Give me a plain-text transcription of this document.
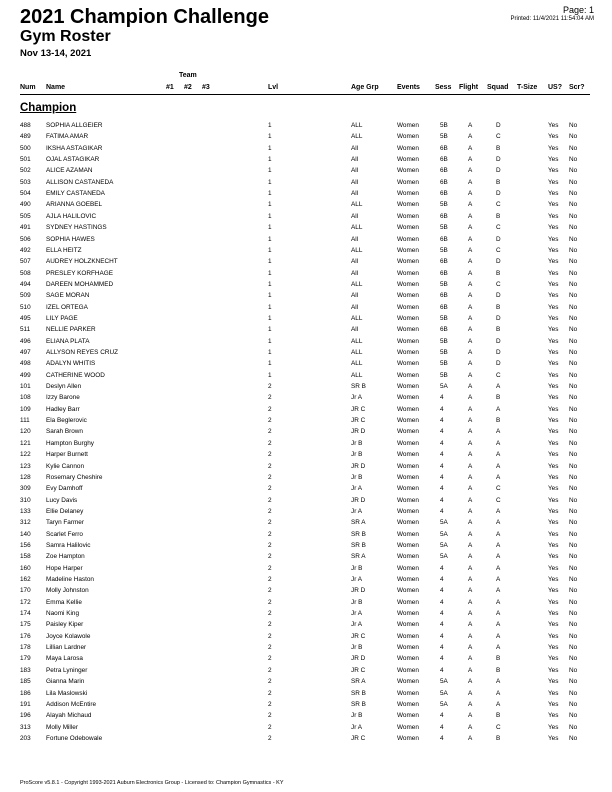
2021 Champion Challenge
Gym Roster
Nov 13-14, 2021
Page: 1
Printed: 11/4/2021 11:54:04 AM
Team
Num Name	#1 #2 #3	Lvl	Age Grp	Events Sess Flight Squad T-Size US? Scr?
Champion
488 SOPHIA ALLGEIER	1	ALL	Women	5B	A	D	Yes No
489 FATIMA AMAR	1	ALL	Women	5B	A	C	Yes No
500 IKSHA ASTAGIKAR	1	All	Women	6B	A	B	Yes No
501 OJAL ASTAGIKAR	1	All	Women	6B	A	D	Yes No
502 ALICE AZAMAN	1	All	Women	6B	A	D	Yes No
503 ALLISON CASTANEDA	1	All	Women	6B	A	B	Yes No
504 EMILY CASTANEDA	1	All	Women	6B	A	D	Yes No
490 ARIANNA GOEBEL	1	ALL	Women	5B	A	C	Yes No
505 AJLA HALILOVIC	1	All	Women	6B	A	B	Yes No
491 SYDNEY HASTINGS	1	ALL	Women	5B	A	C	Yes No
506 SOPHIA HAWES	1	All	Women	6B	A	D	Yes No
492 ELLA HEITZ	1	ALL	Women	5B	A	C	Yes No
507 AUDREY HOLZKNECHT	1	All	Women	6B	A	D	Yes No
508 PRESLEY KORFHAGE	1	All	Women	6B	A	B	Yes No
494 DAREEN MOHAMMED	1	ALL	Women	5B	A	C	Yes No
509 SAGE MORAN	1	All	Women	6B	A	D	Yes No
510 IZEL ORTEGA	1	All	Women	6B	A	B	Yes No
495 LILY PAGE	1	ALL	Women	5B	A	D	Yes No
511 NELLIE PARKER	1	All	Women	6B	A	B	Yes No
496 ELIANA PLATA	1	ALL	Women	5B	A	D	Yes No
497 ALLYSON REYES CRUZ	1	ALL	Women	5B	A	D	Yes No
498 ADALYN WHITIS	1	ALL	Women	5B	A	D	Yes No
499 CATHERINE WOOD	1	ALL	Women	5B	A	C	Yes No
101 Deslyn Allen	2	SR B	Women	5A	A	A	Yes No
108 Izzy Barone	2	Jr A	Women	4	A	B	Yes No
109 Hadley Barr	2	JR C	Women	4	A	A	Yes No
111	Ela Beglerovic	2	JR C	Women	4	A	B	Yes No
120 Sarah Brown	2	JR D	Women	4	A	A	Yes No
121 Hampton Burghy	2	Jr B	Women	4	A	A	Yes No
122 Harper Burnett	2	Jr B	Women	4	A	A	Yes No
123 Kylie Cannon	2	JR D	Women	4	A	A	Yes No
128 Rosemary Cheshire	2	Jr B	Women	4	A	A	Yes No
309 Evy Damhoff	2	Jr A	Women	4	A	C	Yes No
310 Lucy Davis	2	JR D	Women	4	A	C	Yes No
133 Ellie Delaney	2	Jr A	Women	4	A	A	Yes No
312 Taryn Farmer	2	SR A	Women	5A	A	A	Yes No
140 Scarlet Ferro	2	SR B	Women	5A	A	A	Yes No
156 Samra Halilovic	2	SR B	Women	5A	A	A	Yes No
158 Zoe Hampton	2	SR A	Women	5A	A	A	Yes No
160 Hope Harper	2	Jr B	Women	4	A	A	Yes No
162 Madeline Haston	2	Jr A	Women	4	A	A	Yes No
170 Molly Johnston	2	JR D	Women	4	A	A	Yes No
172 Emma Kellie	2	Jr B	Women	4	A	A	Yes No
174 Naomi King	2	Jr A	Women	4	A	A	Yes No
175 Paisley Kiper	2	Jr A	Women	4	A	A	Yes No
176 Joyce Kolawole	2	JR C	Women	4	A	A	Yes No
178 Lillian Lardner	2	Jr B	Women	4	A	A	Yes No
179 Maya Larosa	2	JR D	Women	4	A	B	Yes No
183 Petra Lyninger	2	JR C	Women	4	A	B	Yes No
185 Gianna Marin	2	SR A	Women	5A	A	A	Yes No
186 Lila Maslowski	2	SR B	Women	5A	A	A	Yes No
191 Addison McEntire	2	SR B	Women	5A	A	A	Yes No
196 Alayah Michaud	2	Jr B	Women	4	A	B	Yes No
313 Molly Miller	2	Jr A	Women	4	A	C	Yes No
203 Fortune Odebowale	2	JR C	Women	4	A	B	Yes No
ProScore v5.8.1 - Copyright 1993-2021 Auburn Electronics Group - Licensed to: Champion Gymnastics - KY
